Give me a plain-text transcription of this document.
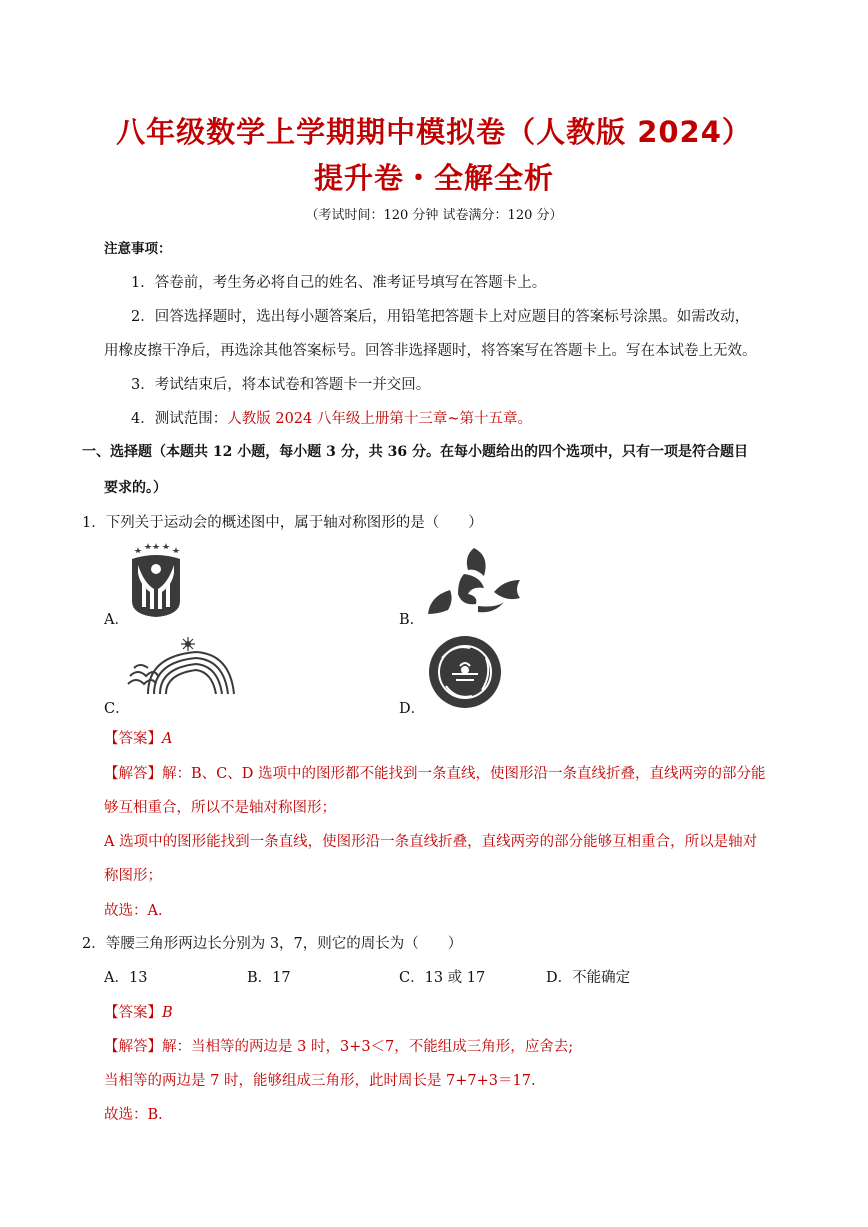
八年级数学上学期期中模拟卷（人教版 2024）
提升卷・全解全析
（考试时间：120 分钟 试卷满分：120 分）
注意事项：
1．答卷前，考生务必将自己的姓名、准考证号填写在答题卡上。
2．回答选择题时，选出每小题答案后，用铅笔把答题卡上对应题目的答案标号涂黑。如需改动，
用橡皮擦干净后，再选涂其他答案标号。回答非选择题时，将答案写在答题卡上。写在本试卷上无效。
3．考试结束后，将本试卷和答题卡一并交回。
4．测试范围：人教版 2024 八年级上册第十三章~第十五章。
一、选择题（本题共 12 小题，每小题 3 分，共 36 分。在每小题给出的四个选项中，只有一项是符合题目
要求的。）
1．下列关于运动会的概述图中，属于轴对称图形的是（　　）
A．	B．
C．	D．
【答案】A
【解答】解：B、C、D 选项中的图形都不能找到一条直线，使图形沿一条直线折叠，直线两旁的部分能
够互相重合，所以不是轴对称图形；
A 选项中的图形能找到一条直线，使图形沿一条直线折叠，直线两旁的部分能够互相重合，所以是轴对
称图形；
故选：A．
2．等腰三角形两边长分别为 3，7，则它的周长为（　　）
A．13	B．17	C．13 或 17	D．不能确定
【答案】B
【解答】解：当相等的两边是 3 时，3+3＜7，不能组成三角形，应舍去;
当相等的两边是 7 时，能够组成三角形，此时周长是 7+7+3＝17.
故选：B．
